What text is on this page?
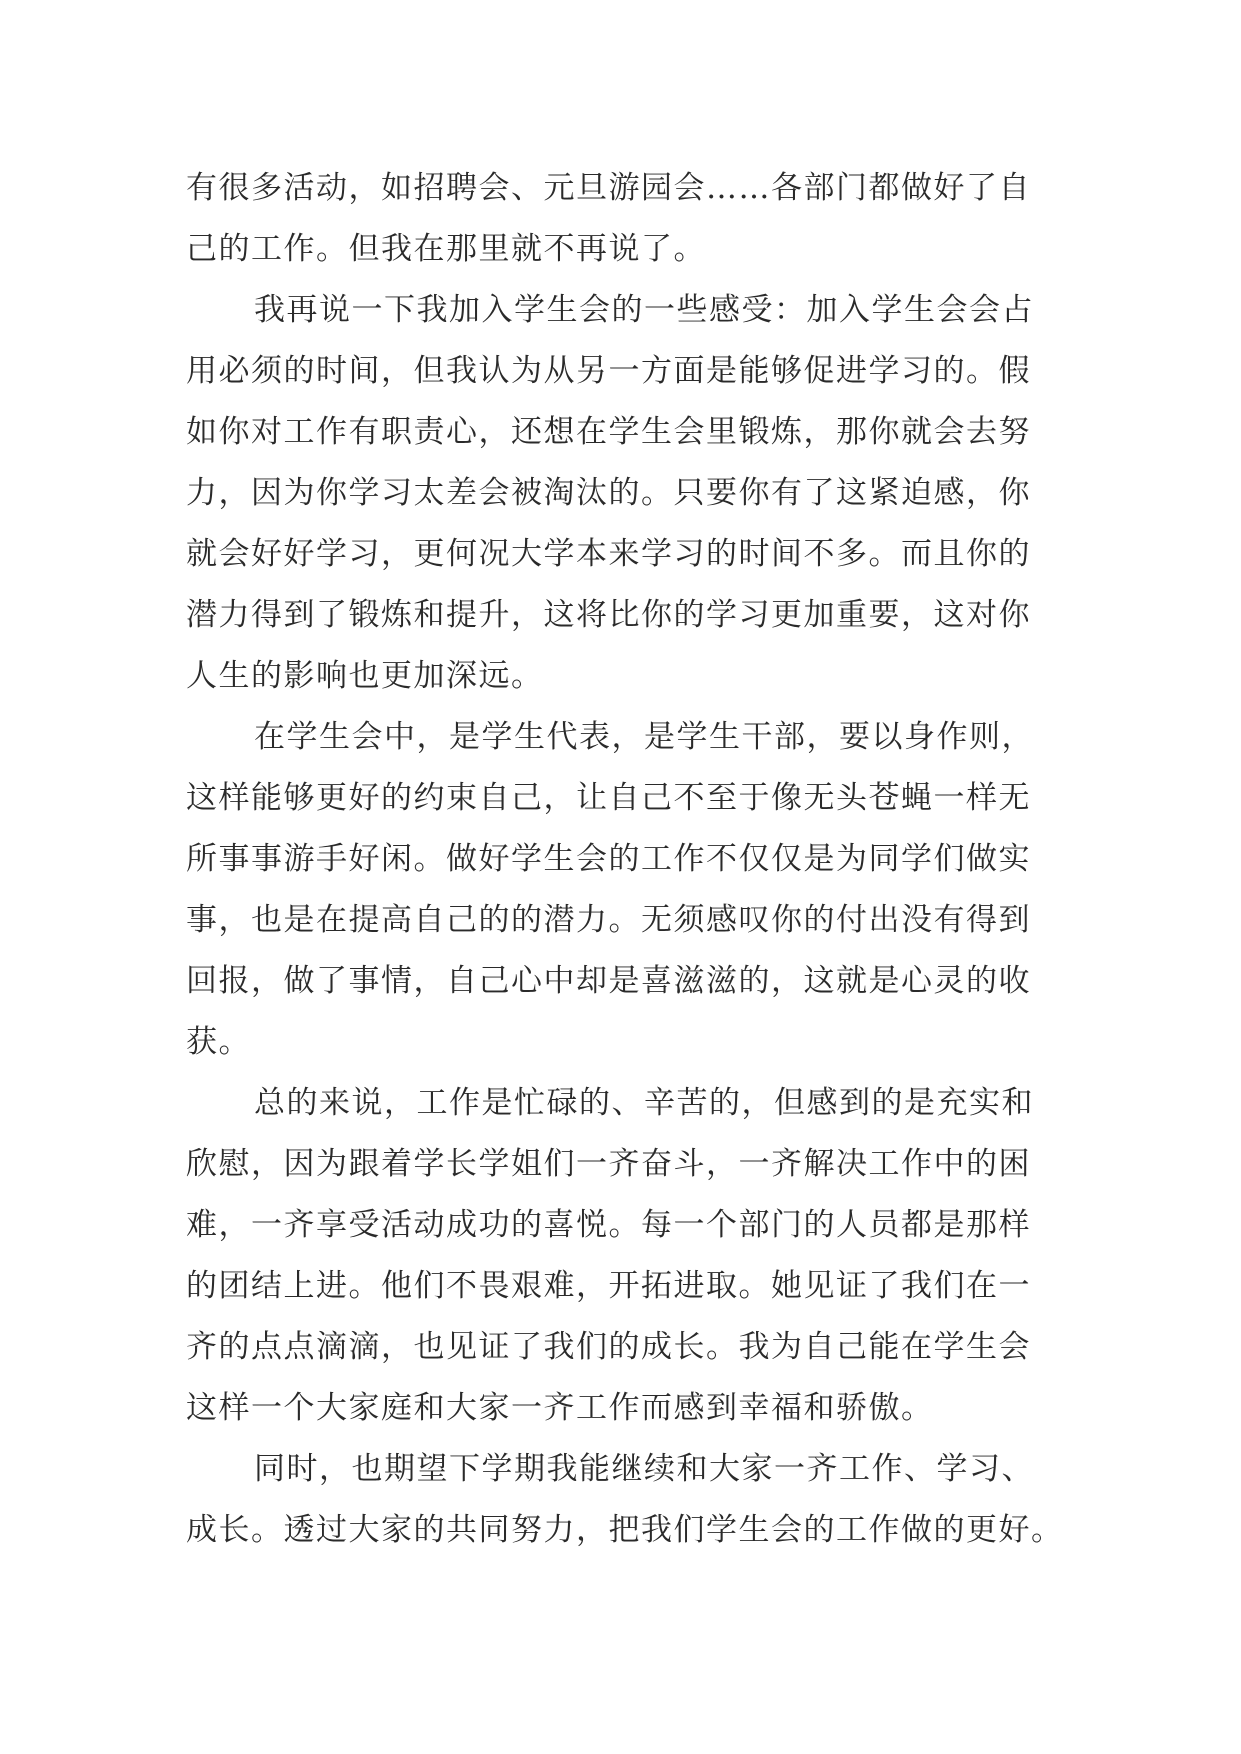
有很多活动，如招聘会、元旦游园会……各部门都做好了自
己的工作。但我在那里就不再说了。
我再说一下我加入学生会的一些感受：加入学生会会占
用必须的时间，但我认为从另一方面是能够促进学习的。假
如你对工作有职责心，还想在学生会里锻炼，那你就会去努
力，因为你学习太差会被淘汰的。只要你有了这紧迫感，你
就会好好学习，更何况大学本来学习的时间不多。而且你的
潜力得到了锻炼和提升，这将比你的学习更加重要，这对你
人生的影响也更加深远。
在学生会中，是学生代表，是学生干部，要以身作则，
这样能够更好的约束自己，让自己不至于像无头苍蝇一样无
所事事游手好闲。做好学生会的工作不仅仅是为同学们做实
事，也是在提高自己的的潜力。无须感叹你的付出没有得到
回报，做了事情，自己心中却是喜滋滋的，这就是心灵的收
获。
总的来说，工作是忙碌的、辛苦的，但感到的是充实和
欣慰，因为跟着学长学姐们一齐奋斗，一齐解决工作中的困
难，一齐享受活动成功的喜悦。每一个部门的人员都是那样
的团结上进。他们不畏艰难，开拓进取。她见证了我们在一
齐的点点滴滴，也见证了我们的成长。我为自己能在学生会
这样一个大家庭和大家一齐工作而感到幸福和骄傲。
同时，也期望下学期我能继续和大家一齐工作、学习、
成长。透过大家的共同努力，把我们学生会的工作做的更好。
